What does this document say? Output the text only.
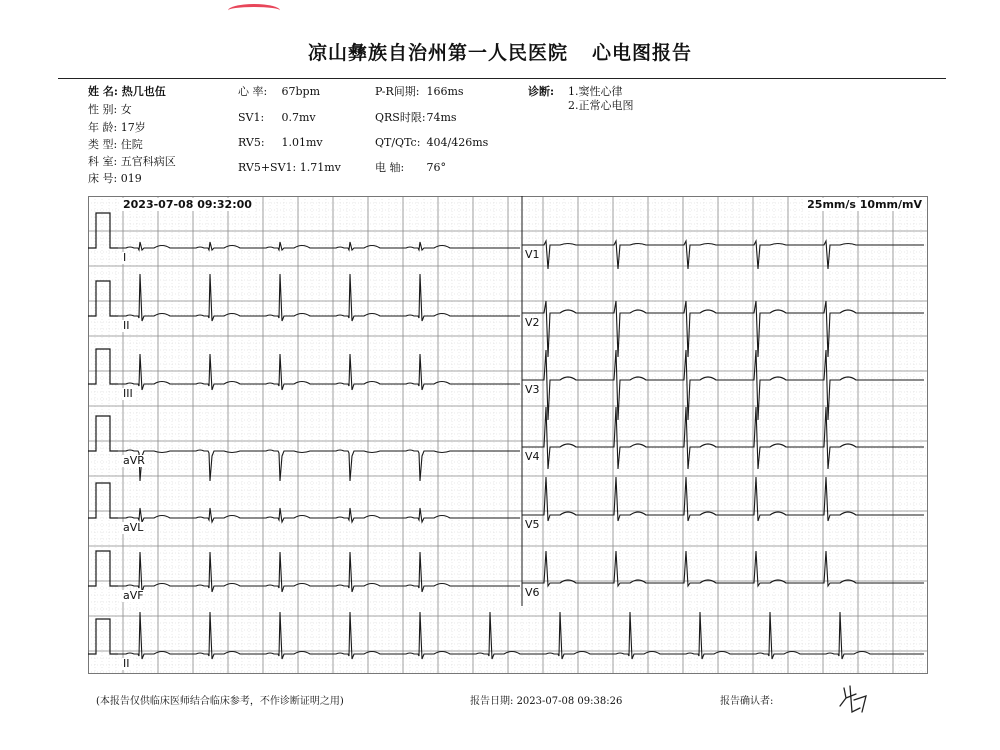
凉山彝族自治州第一人民医院 心电图报告
姓 名: 热几也伍
性 别: 女
年 龄: 17岁
类 型: 住院
科 室: 五官科病区
床 号: 019
心 率: 67bpm
SV1: 0.7mv
RV5: 1.01mv
RV5+SV1: 1.71mv
P-R间期: 166ms
QRS时限: 74ms
QT/QTc: 404/426ms
电 轴: 76°
诊断: 1.窦性心律
2.正常心电图
2023-07-08 09:32:00	25mm/s 10mm/mV
I
II
III
aVR
aVL
aVF
II
V1
V2
V3
V4
V5
V6
(本报告仅供临床医师结合临床参考，不作诊断证明之用)	报告日期: 2023-07-08 09:38:26	报告确认者:
